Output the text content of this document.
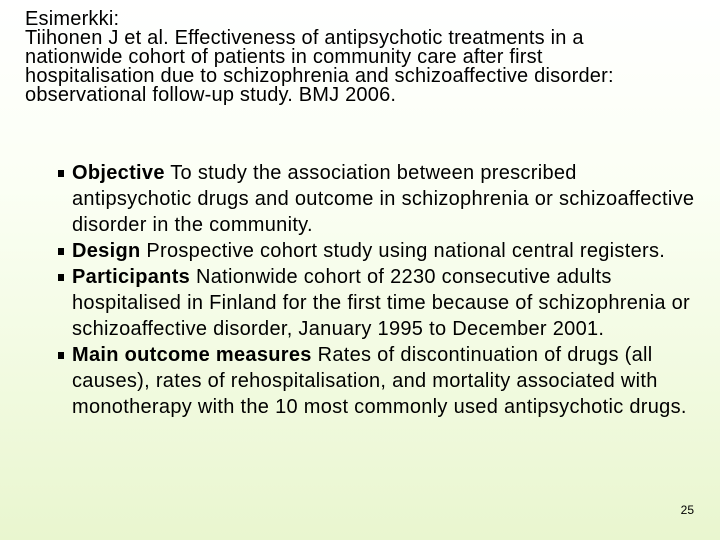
Esimerkki:
Tiihonen J et al. Effectiveness of antipsychotic treatments in a
nationwide cohort of patients in community care after first
hospitalisation due to schizophrenia and schizoaffective disorder:
observational follow-up study. BMJ 2006.
Objective To study the association between prescribed antipsychotic drugs and outcome in schizophrenia or schizoaffective disorder in the community.
Design Prospective cohort study using national central registers.
Participants Nationwide cohort of 2230 consecutive adults hospitalised in Finland for the first time because of schizophrenia or schizoaffective disorder, January 1995 to December 2001.
Main outcome measures Rates of discontinuation of drugs (all causes), rates of rehospitalisation, and mortality associated with monotherapy with the 10 most commonly used antipsychotic drugs.
25
